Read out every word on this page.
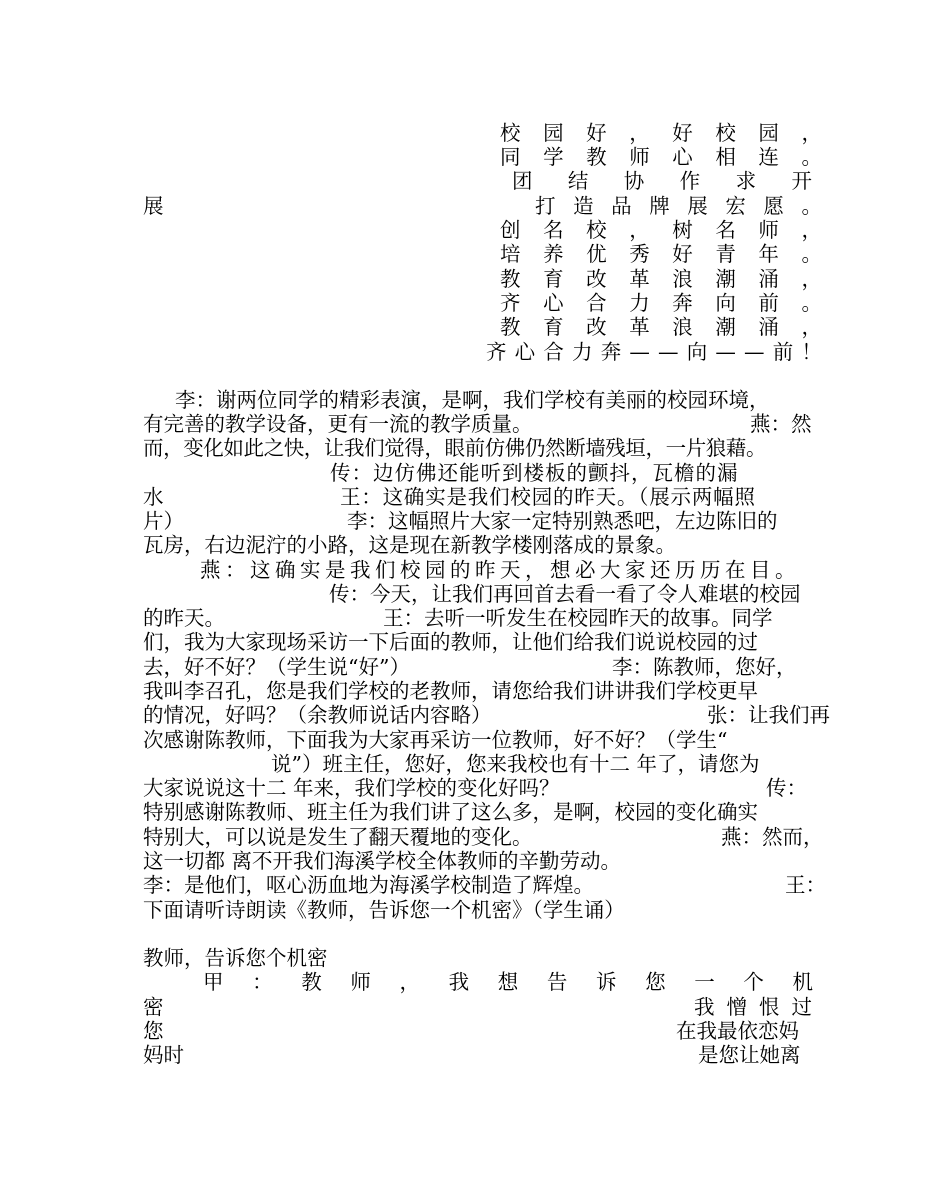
校 园 好 ， 好 校 园 ，
同 学 教 师 心 相 连 。
团 结 协 作 求 开
展	打 造 品 牌 展 宏 愿 。
创 名 校 ， 树 名 师 ，
培 养 优 秀 好 青 年 。
教 育 改 革 浪 潮 涌 ，
齐 心 合 力 奔 向 前 。
教 育 改 革 浪 潮 涌 ，
齐 心 合 力 奔 — — 向 — — 前 ！
李：谢两位同学的精彩表演，是啊，我们学校有美丽的校园环境，
有完善的教学设备，更有一流的教学质量。	燕：然
而，变化如此之快，让我们觉得，眼前仿佛仍然断墙残垣，一片狼藉。
传：边仿佛还能听到楼板的颤抖，瓦檐的漏
水	王：这确实是我们校园的昨天。（展示两幅照
片）	李：这幅照片大家一定特别熟悉吧，左边陈旧的
瓦房，右边泥泞的小路，这是现在新教学楼刚落成的景象。
燕：这确实是我们校园的昨天，想必大家还历历在目。
传：今天，让我们再回首去看一看了令人难堪的校园
的昨天。	王：去听一听发生在校园昨天的故事。同学
们，我为大家现场采访一下后面的教师，让他们给我们说说校园的过
去，好不好？（学生说“好”）	李：陈教师，您好，
我叫李召孔，您是我们学校的老教师，请您给我们讲讲我们学校更早
的情况，好吗？（余教师说话内容略）	张：让我们再
次感谢陈教师，下面我为大家再采访一位教师，好不好？（学生“
说”）班主任，您好，您来我校也有十二 年了，请您为
大家说说这十二 年来，我们学校的变化好吗？	传：
特别感谢陈教师、班主任为我们讲了这么多，是啊，校园的变化确实
特别大，可以说是发生了翻天覆地的变化。	燕：然而，
这一切都 离不开我们海溪学校全体教师的辛勤劳动。
李：是他们，呕心沥血地为海溪学校制造了辉煌。	王：
下面请听诗朗读《教师，告诉您一个机密》（学生诵）
教师，告诉您个机密
甲 ： 教 师 ， 我 想 告 诉 您 一 个 机
密	我 憎 恨 过
您	在我最依恋妈
妈时	是您让她离
